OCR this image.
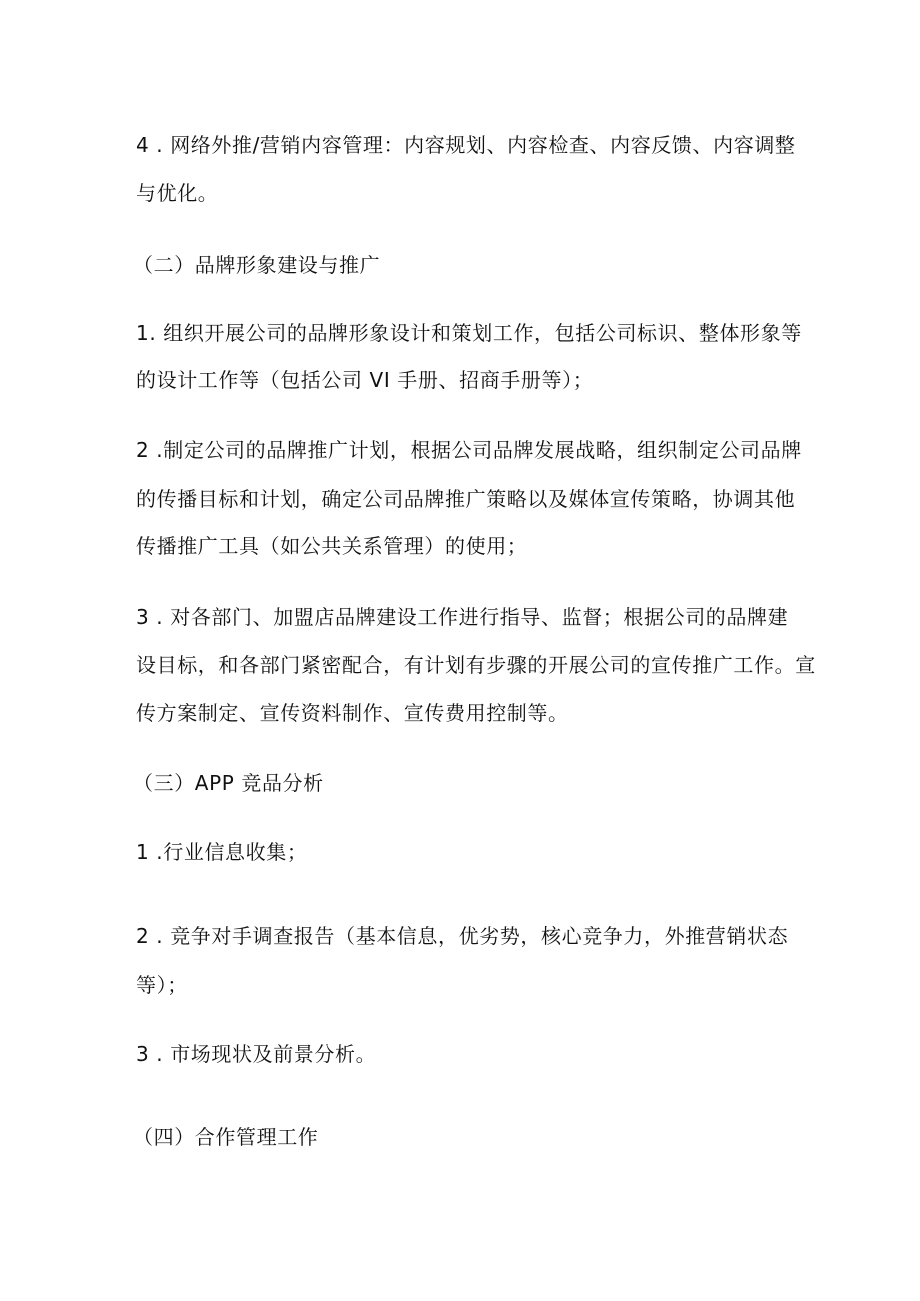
4 . 网络外推/营销内容管理：内容规划、内容检查、内容反馈、内容调整
与优化。
（二）品牌形象建设与推广
1. 组织开展公司的品牌形象设计和策划工作，包括公司标识、整体形象等
的设计工作等（包括公司 VI 手册、招商手册等）；
2 .制定公司的品牌推广计划，根据公司品牌发展战略，组织制定公司品牌
的传播目标和计划，确定公司品牌推广策略以及媒体宣传策略，协调其他
传播推广工具（如公共关系管理）的使用；
3 . 对各部门、加盟店品牌建设工作进行指导、监督；根据公司的品牌建
设目标，和各部门紧密配合，有计划有步骤的开展公司的宣传推广工作。宣
传方案制定、宣传资料制作、宣传费用控制等。
（三）APP 竞品分析
1 .行业信息收集；
2 . 竞争对手调查报告（基本信息，优劣势，核心竞争力，外推营销状态
等）；
3 . 市场现状及前景分析。
（四）合作管理工作
